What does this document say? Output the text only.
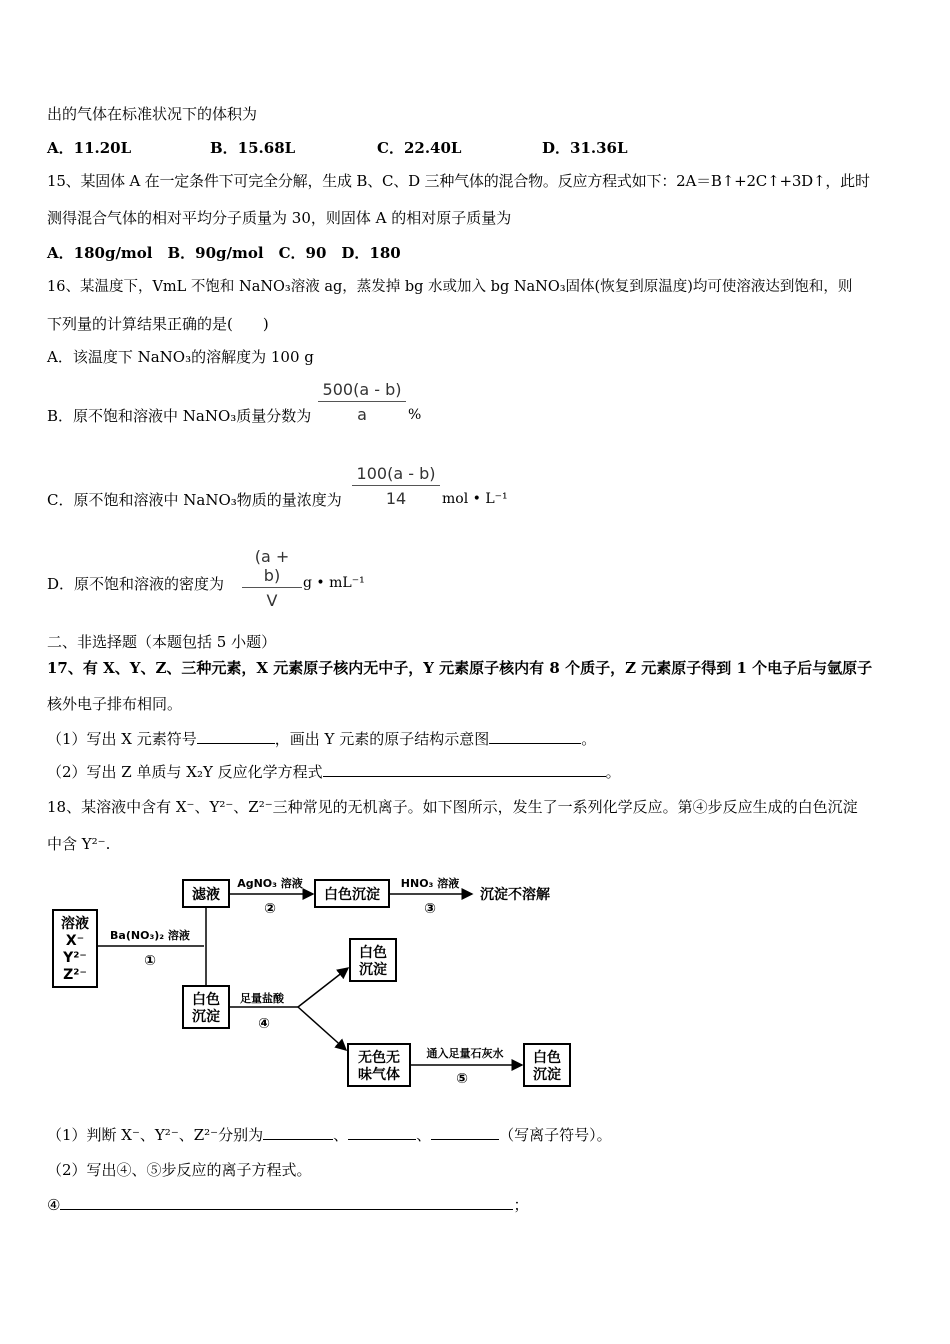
出的气体在标准状况下的体积为
A．11.20L	B．15.68L	C．22.40L	D．31.36L
15、某固体 A 在一定条件下可完全分解，生成 B、C、D 三种气体的混合物。反应方程式如下：2A＝B↑+2C↑+3D↑，此时
测得混合气体的相对平均分子质量为 30，则固体 A 的相对原子质量为
A．180g/mol　B．90g/mol　C．90　D．180
16、某温度下，VmL 不饱和 NaNO₃溶液 ag，蒸发掉 bg 水或加入 bg NaNO₃固体(恢复到原温度)均可使溶液达到饱和，则
下列量的计算结果正确的是(　　)
A．该温度下 NaNO₃的溶解度为 100 g
B．原不饱和溶液中 NaNO₃质量分数为
500(a - b)
a	%
C．原不饱和溶液中 NaNO₃物质的量浓度为
100(a - b)
14	mol • L⁻¹
D．原不饱和溶液的密度为
(a + b)
V
g • mL⁻¹
二、非选择题（本题包括 5 小题）
17、有 X、Y、Z、三种元素，X 元素原子核内无中子，Y 元素原子核内有 8 个质子，Z 元素原子得到 1 个电子后与氩原子
核外电子排布相同。
（1）写出 X 元素符号	，画出 Y 元素的原子结构示意图	。
（2）写出 Z 单质与 X₂Y 反应化学方程式	。
18、某溶液中含有 X⁻、Y²⁻、Z²⁻三种常见的无机离子。如下图所示，发生了一系列化学反应。第④步反应生成的白色沉淀
中含 Y²⁻.
溶液
X⁻
Y²⁻
Z²⁻
滤液	白色沉淀	沉淀不溶解
白色
沉淀
白色
沉淀
无色无
味气体
白色
沉淀
Ba(NO₃)₂ 溶液
①
AgNO₃ 溶液
②
HNO₃ 溶液
③
足量盐酸
④
通入足量石灰水
⑤
（1）判断 X⁻、Y²⁻、Z²⁻分别为	、	、	（写离子符号）。
（2）写出④、⑤步反应的离子方程式。
④	；
